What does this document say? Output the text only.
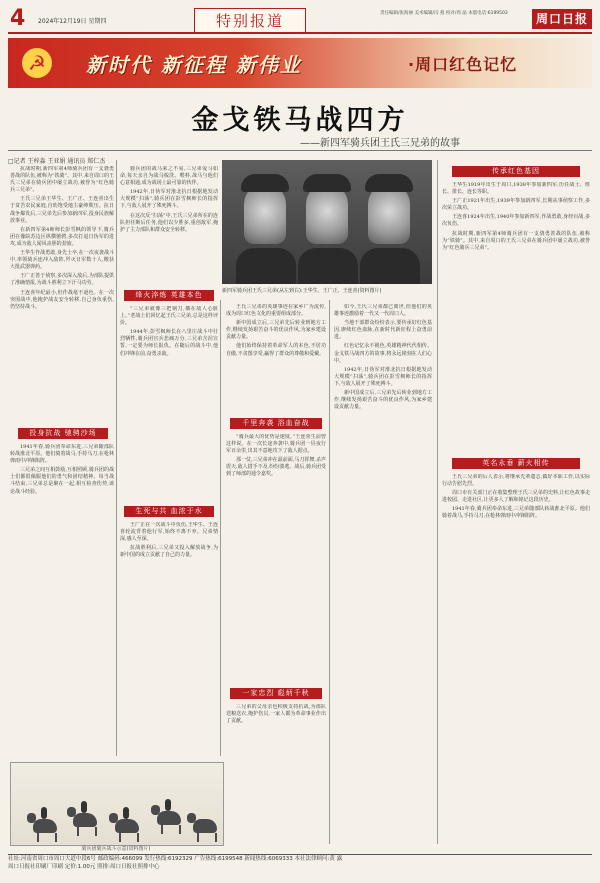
4 2024年12月19日 星期四	特别报道	责任编辑/张海丽 美术编辑/闫 燕 校对/周 晶 本版电话:6199503	周口日报
☭	新时代 新征程 新伟业	·周口红色记忆
金戈铁马战四方
——新四军骑兵团王氏三兄弟的故事
□记者 王梓淼 王亚娟 通讯员 郑仁杰
新四军骑兵团王氏三兄弟(从左到右):王华生、王广正、王连喜(资料图片)

抗战时期,新四军第4师骑兵团有一支骁勇善战的队伍,被称为“铁骑”。其中,来自周口的王氏三兄弟在骑兵团中屡立战功,被誉为“红色骑兵三兄弟”。

王氏三兄弟王华生、王广正、王连喜出生于贫苦农民家庭,自幼饱受地主豪绅欺压。抗日战争爆发后,三兄弟先后参加新四军,投身民族解放事业。

在新四军第4师师长彭雪枫的领导下,骑兵团在豫皖苏边区纵横驰骋,多次打退日伪军的进攻,成为敌人闻风丧胆的劲旅。

王华生作战勇敢,身先士卒,在一次夜袭战斗中,率领骑兵连冲入敌阵,歼灭日军数十人,缴获大批武器弹药。

王广正善于侦察,多次深入敌后,为部队提供了准确情报,为战斗胜利立下汗马功劳。

王连喜年纪最小,但作战毫不逊色。在一次突围战中,他掩护战友安全转移,自己身负重伤,仍坚持战斗。

投身抗战 驰骋沙场

1941年春,骑兵团奉命东进,三兄弟随部队转战淮北平原。他们骑着战马,手持马刀,在枪林弹雨中冲锋陷阵。

三兄弟之间互相鼓励,互相照顾,骑兵团的战士们都很佩服他们的勇气和团结精神。每当战斗结束,三兄弟总是聚在一起,相互检查伤势,谈论战斗经验。

骑兵团的战马来之不易,三兄弟爱马如命,每天亲自为战马梳洗、喂料,战马与他们心意相通,成为战场上最可靠的伙伴。

1942年,日伪军对淮北抗日根据地发动大规模“扫荡”,骑兵团在彭雪枫师长的指挥下,与敌人展开了殊死搏斗。

在这次反“扫荡”中,王氏三兄弟所在的连队担任断后任务,他们以少胜多,重创敌军,掩护了主力部队和群众安全转移。

烽火淬炼 英雄本色

“三兄弟就像三把钢刀,插在敌人心脏上。”老战士们回忆起王氏三兄弟,总是这样评价。

1944年,彭雪枫师长在八里庄战斗中壮烈牺牲,骑兵团官兵悲痛万分,三兄弟含泪宣誓,一定要为师长报仇。在随后的战斗中,他们冲锋在前,奋勇杀敌。

生死与共 血浓于水

王广正在一次战斗中负伤,王华生、王连喜轮流背着他行军,始终不离不弃。兄弟情深,感人至深。

抗战胜利后,三兄弟又投入解放战争,为新中国的成立贡献了自己的力量。

王氏三兄弟的英雄事迹在家乡广为流传,成为周口红色文化的重要组成部分。

新中国成立后,三兄弟先后转业到地方工作,继续发扬艰苦奋斗的优良作风,为家乡建设贡献力量。

他们始终保持着革命军人的本色,不居功自傲,不贪图享受,赢得了群众的尊敬和爱戴。

千里奔袭 浴血奋战

“骑兵最大的优势是速度。”王连喜生前曾这样说。在一次长途奔袭中,骑兵团一昼夜行军百余里,出其不意地攻下了敌人据点。

那一仗,三兄弟冲在最前面,马刀挥舞,杀声震天,敌人措手不及,纷纷溃逃。战后,骑兵团受到了师部的通令嘉奖。

一家忠烈 彪炳千秋

三兄弟的父母亲也积极支持抗战,为部队送粮送衣,掩护伤员,一家人都为革命事业作出了贡献。

如今,王氏三兄弟都已离世,但他们的英雄事迹激励着一代又一代周口人。

当地干部群众纷纷表示,要传承好红色基因,赓续红色血脉,在新时代新征程上奋勇前进。

红色记忆永不褪色,英雄精神代代相传。金戈铁马战四方的故事,将永远铭刻在人们心中。

1942年,日伪军对淮北抗日根据地发动大规模“扫荡”,骑兵团在彭雪枫师长的指挥下,与敌人展开了殊死搏斗。

新中国成立后,三兄弟先后转业到地方工作,继续发扬艰苦奋斗的优良作风,为家乡建设贡献力量。

传承红色基因

王华生1919年出生于周口,1938年参加新四军,历任战士、班长、排长、连长等职。

王广正1921年出生,1939年参加新四军,长期从事侦察工作,多次荣立战功。

王连喜1924年出生,1940年参加新四军,作战勇敢,身经百战,多次负伤。

抗战时期,新四军第4师骑兵团有一支骁勇善战的队伍,被称为“铁骑”。其中,来自周口的王氏三兄弟在骑兵团中屡立战功,被誉为“红色骑兵三兄弟”。

英名永垂 薪火相传

王氏三兄弟的后人表示,将继承先辈遗志,做好本职工作,以实际行动告慰先烈。

周口市有关部门正在收集整理王氏三兄弟的史料,让红色故事走进校园、走进社区,让更多人了解和铭记这段历史。

1941年春,骑兵团奉命东进,三兄弟随部队转战淮北平原。他们骑着战马,手持马刀,在枪林弹雨中冲锋陷阵。

骑兵团骑兵战斗示意(资料图片)
社址:河南省周口市周口大道中段6号 邮政编码:466099 发行热线:6192329 广告热线:6199548 新闻热线:6069333 本社法律顾问:黄 露
周口日报社印刷厂印刷 定价:1.00元 照排:周口日报社照排中心
